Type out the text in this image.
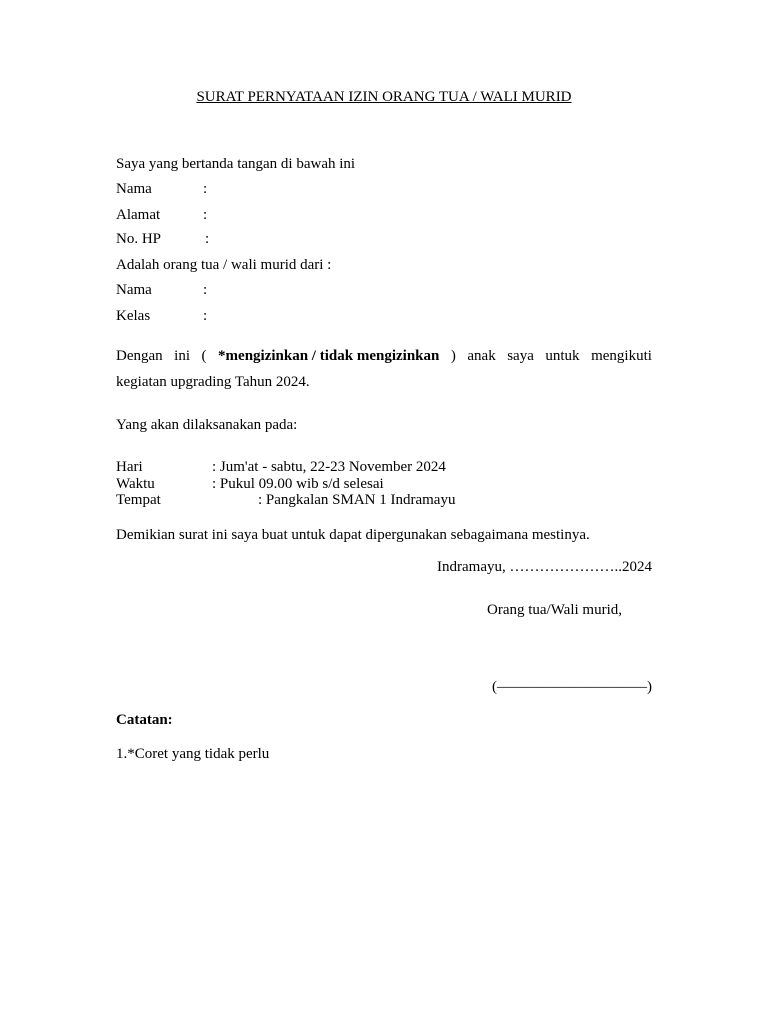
SURAT PERNYATAAN IZIN ORANG TUA / WALI MURID
Saya yang bertanda tangan di bawah ini
Nama	:
Alamat	:
No. HP	:
Adalah orang tua / wali murid dari :
Nama	:
Kelas	:
Dengan ini ( *mengizinkan / tidak mengizinkan ) anak saya untuk mengikuti
kegiatan upgrading Tahun 2024.
Yang akan dilaksanakan pada:
Hari	: Jum'at - sabtu, 22-23 November 2024
Waktu	: Pukul 09.00 wib s/d selesai
Tempat	: Pangkalan SMAN 1 Indramayu
Demikian surat ini saya buat untuk dapat dipergunakan sebagaimana mestinya.
Indramayu, …………………..2024
Orang tua/Wali murid,
(——————————)
Catatan:
1.*Coret yang tidak perlu
